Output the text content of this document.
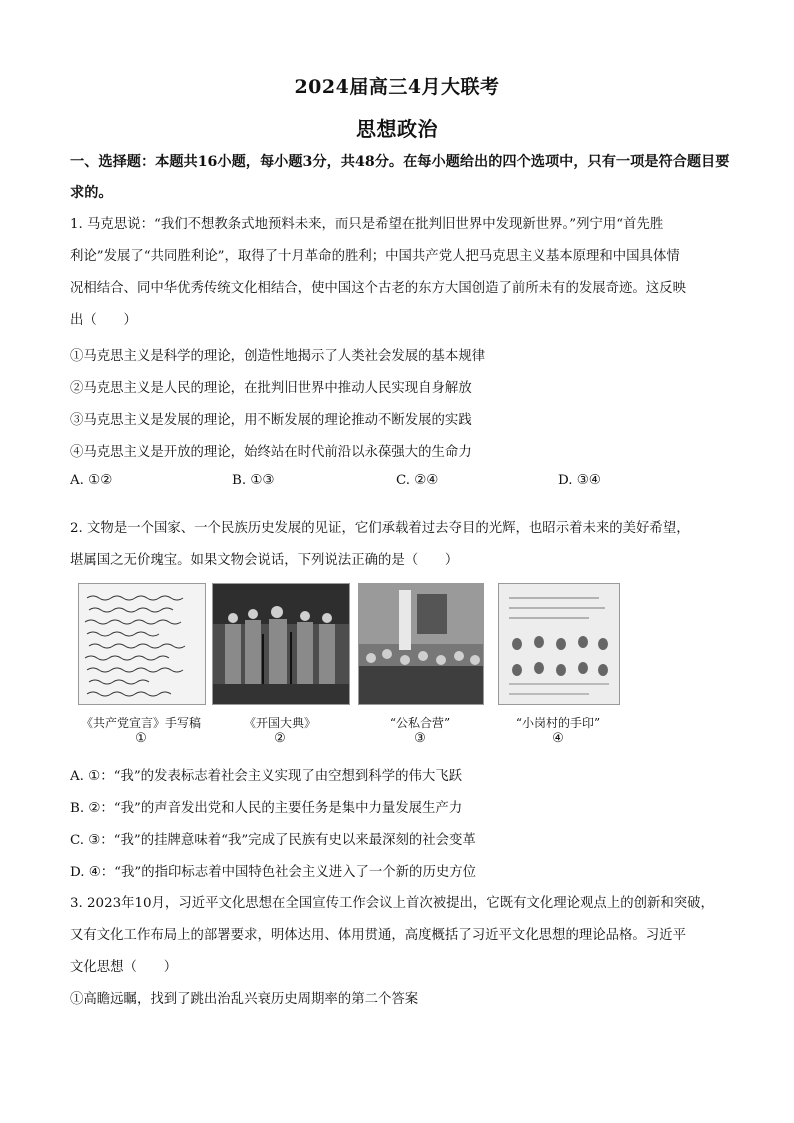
2024届高三4月大联考
思想政治
一、选择题：本题共16小题，每小题3分，共48分。在每小题给出的四个选项中，只有一项是符合题目要求的。
1. 马克思说：“我们不想教条式地预料未来，而只是希望在批判旧世界中发现新世界。”列宁用“首先胜
利论”发展了“共同胜利论”，取得了十月革命的胜利；中国共产党人把马克思主义基本原理和中国具体情
况相结合、同中华优秀传统文化相结合，使中国这个古老的东方大国创造了前所未有的发展奇迹。这反映
出（　　）
①马克思主义是科学的理论，创造性地揭示了人类社会发展的基本规律
②马克思主义是人民的理论，在批判旧世界中推动人民实现自身解放
③马克思主义是发展的理论，用不断发展的理论推动不断发展的实践
④马克思主义是开放的理论，始终站在时代前沿以永葆强大的生命力
A. ①②	B. ①③	C. ②④	D. ③④
2. 文物是一个国家、一个民族历史发展的见证，它们承载着过去夺目的光辉，也昭示着未来的美好希望，
堪属国之无价瑰宝。如果文物会说话，下列说法正确的是（　　）
《共产党宣言》手写稿
①
《开国大典》
②
“公私合营”
③
“小岗村的手印”
④
A. ①：“我”的发表标志着社会主义实现了由空想到科学的伟大飞跃
B. ②：“我”的声音发出党和人民的主要任务是集中力量发展生产力
C. ③：“我”的挂牌意味着“我”完成了民族有史以来最深刻的社会变革
D. ④：“我”的指印标志着中国特色社会主义进入了一个新的历史方位
3. 2023年10月，习近平文化思想在全国宣传工作会议上首次被提出，它既有文化理论观点上的创新和突破，
又有文化工作布局上的部署要求，明体达用、体用贯通，高度概括了习近平文化思想的理论品格。习近平
文化思想（　　）
①高瞻远瞩，找到了跳出治乱兴衰历史周期率的第二个答案
